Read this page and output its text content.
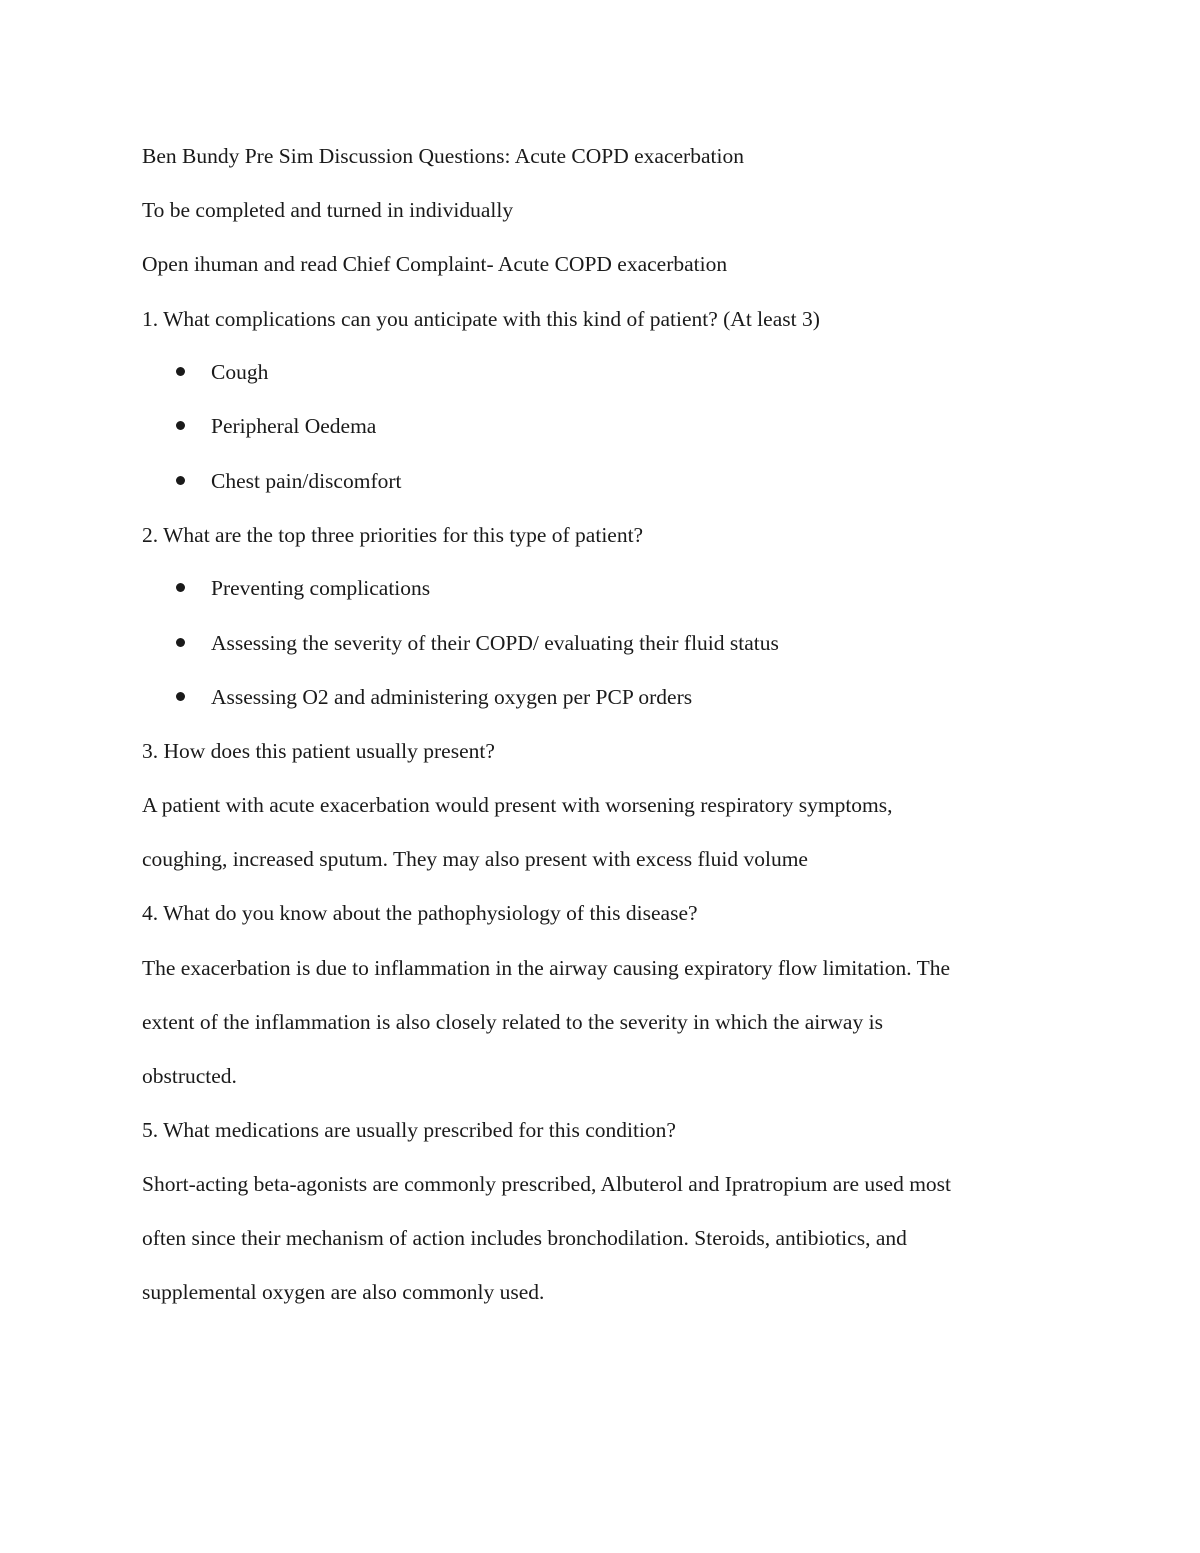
Ben Bundy Pre Sim Discussion Questions: Acute COPD exacerbation

To be completed and turned in individually

Open ihuman and read Chief Complaint- Acute COPD exacerbation

1. What complications can you anticipate with this kind of patient? (At least 3)

Cough

Peripheral Oedema

Chest pain/discomfort

2. What are the top three priorities for this type of patient?

Preventing complications

Assessing the severity of their COPD/ evaluating their fluid status

Assessing O2 and administering oxygen per PCP orders

3. How does this patient usually present?

A patient with acute exacerbation would present with worsening respiratory symptoms,

coughing, increased sputum. They may also present with excess fluid volume

4. What do you know about the pathophysiology of this disease?

The exacerbation is due to inflammation in the airway causing expiratory flow limitation. The

extent of the inflammation is also closely related to the severity in which the airway is

obstructed.

5. What medications are usually prescribed for this condition?

Short-acting beta-agonists are commonly prescribed, Albuterol and Ipratropium are used most

often since their mechanism of action includes bronchodilation. Steroids, antibiotics, and

supplemental oxygen are also commonly used.
